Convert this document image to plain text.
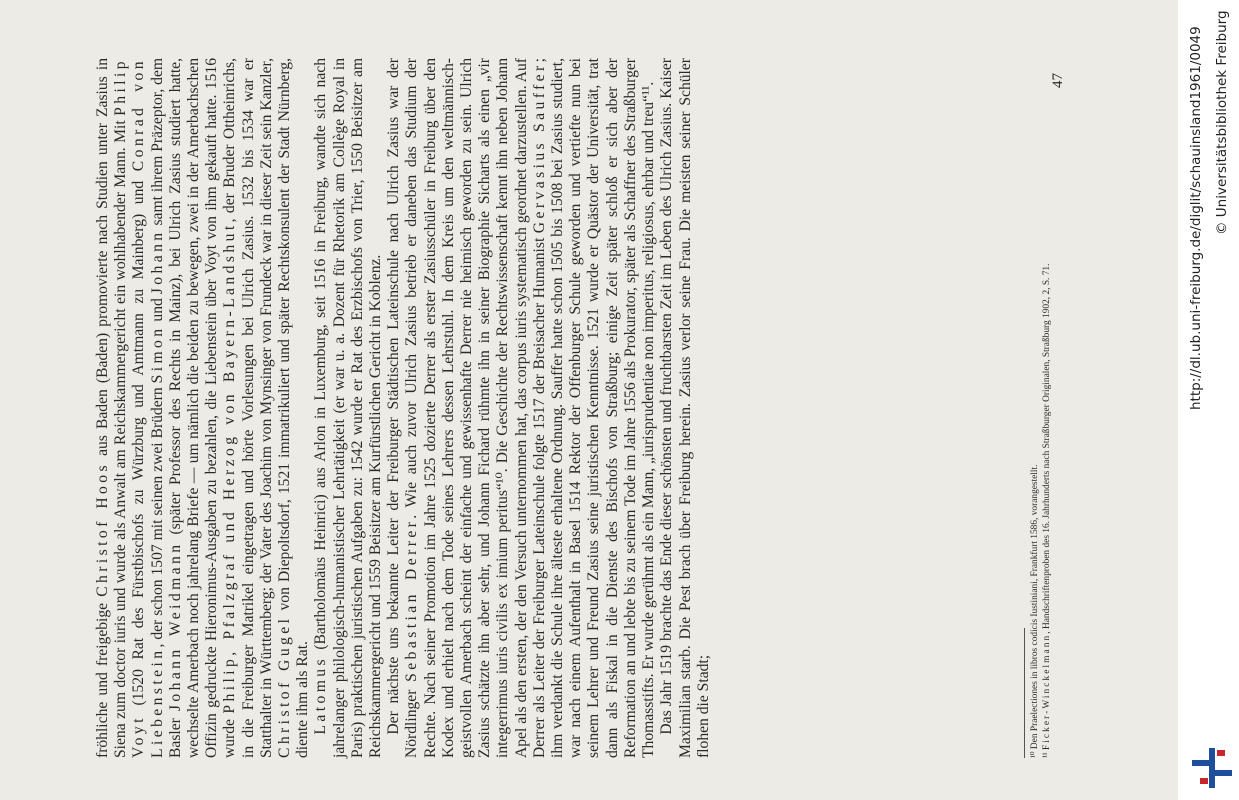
fröhliche und freigebige Christof Hoos aus Baden (Baden) promovierte nach Studien unter Zasius in Siena zum doctor iuris und wurde als Anwalt am Reichskammergericht ein wohlhabender Mann. Mit Philip Voyt (1520 Rat des Fürstbischofs zu Würzburg und Amtmann zu Mainberg) und Conrad von Liebenstein, der schon 1507 mit seinen zwei Brüdern Simon und Johann samt ihrem Präzeptor, dem Basler Johann Weidmann (später Professor des Rechts in Mainz), bei Ulrich Zasius studiert hatte, wechselte Amerbach noch jahrelang Briefe — um nämlich die beiden zu bewegen, zwei in der Amerbachschen Offizin gedruckte Hieronimus-Ausgaben zu bezahlen, die Liebenstein über Voyt von ihm gekauft hatte. 1516 wurde Philip, Pfalzgraf und Herzog von Bayern-Landshut, der Bruder Ottheinrichs, in die Freiburger Matrikel eingetragen und hörte Vorlesungen bei Ulrich Zasius. 1532 bis 1534 war er Statthalter in Württemberg; der Vater des Joachim von Mynsinger von Frundeck war in dieser Zeit sein Kanzler, Christof Gugel von Diepoltsdorf, 1521 immatrikuliert und später Rechtskonsulent der Stadt Nürnberg, diente ihm als Rat. Latomus (Bartholomäus Heinrici) aus Arlon in Luxemburg, seit 1516 in Freiburg, wandte sich nach jahrelanger philologisch-humanistischer Lehrtätigkeit (er war u. a. Dozent für Rhetorik am Collège Royal in Paris) praktischen juristischen Aufgaben zu: 1542 wurde er Rat des Erzbischofs von Trier, 1550 Beisitzer am Reichskammergericht und 1559 Beisitzer am Kurfürstlichen Gericht in Koblenz. Der nächste uns bekannte Leiter der Freiburger Städtischen Lateinschule nach Ulrich Zasius war der Nördlinger Sebastian Derrer. Wie auch zuvor Ulrich Zasius betrieb er daneben das Studium der Rechte. Nach seiner Promotion im Jahre 1525 dozierte Derrer als erster Zasiusschüler in Freiburg über den Kodex und erhielt nach dem Tode seines Lehrers dessen Lehrstuhl. In dem Kreis um den weltmännisch-geistvollen Amerbach scheint der einfache und gewissenhafte Derrer nie heimisch geworden zu sein. Ulrich Zasius schätzte ihn aber sehr, und Johann Fichard rühmte ihn in seiner Biographie Sicharts als einen „vir integerrimus iuris civilis ex imium peritus“¹⁰. Die Geschichte der Rechtswissenschaft kennt ihn neben Johann Apel als den ersten, der den Versuch unternommen hat, das corpus iuris systematisch geordnet darzustellen. Auf Derrer als Leiter der Freiburger Lateinschule folgte 1517 der Breisacher Humanist Gervasius Sauffer; ihm verdankt die Schule ihre älteste erhaltene Ordnung. Sauffer hatte schon 1505 bis 1508 bei Zasius studiert, war nach einem Aufenthalt in Basel 1514 Rektor der Offenburger Schule geworden und vertiefte nun bei seinem Lehrer und Freund Zasius seine juristischen Kenntnisse. 1521 wurde er Quästor der Universität, trat dann als Fiskal in die Dienste des Bischofs von Straßburg; einige Zeit später schloß er sich aber der Reformation an und lebte bis zu seinem Tode im Jahre 1556 als Prokurator, später als Schaffner des Straßburger Thomasstifts. Er wurde gerühmt als ein Mann, „iurisprudentiae non imperitus, religiosus, ehrbar und treu“¹¹. Das Jahr 1519 brachte das Ende dieser schönsten und fruchtbarsten Zeit im Leben des Ulrich Zasius. Kaiser Maximilian starb. Die Pest brach über Freiburg herein. Zasius verlor seine Frau. Die meisten seiner Schüler flohen die Stadt;	¹⁰ Den Praelectiones in libros codicis Iustiniani, Frankfurt 1586, vorangestellt. ¹¹ Ficker-Winckelmann, Handschriftenproben des 16. Jahrhunderts nach Straßburger Originalen, Straßburg 1902, 2, S. 71.
47	http://dl.ub.uni-freiburg.de/diglit/schauinsland1961/0049 © Universitätsbibliothek Freiburg
